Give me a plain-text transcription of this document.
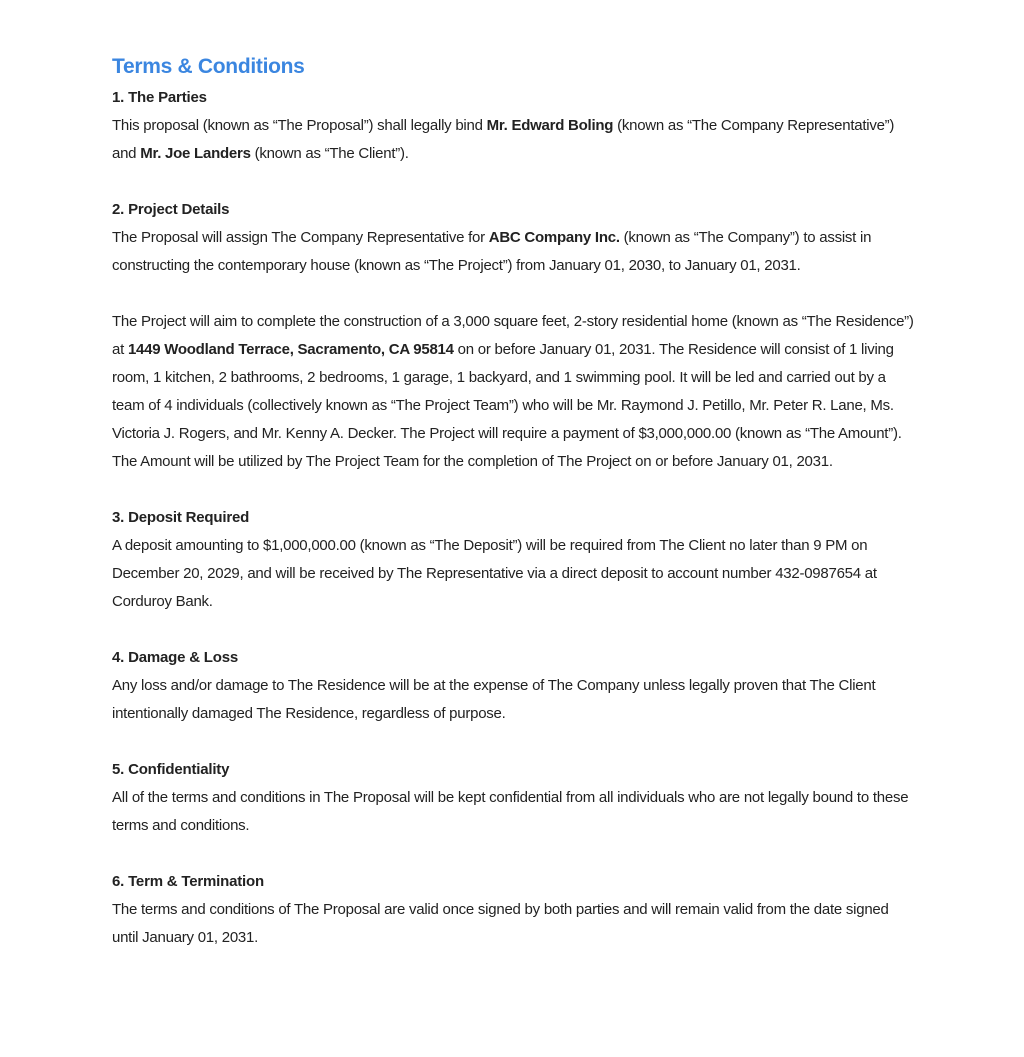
Terms & Conditions
1. The Parties

This proposal (known as “The Proposal”) shall legally bind Mr. Edward Boling (known as “The Company Representative”) and Mr. Joe Landers (known as “The Client”).

2. Project Details

The Proposal will assign The Company Representative for ABC Company Inc. (known as “The Company”) to assist in constructing the contemporary house (known as “The Project”) from January 01, 2030, to January 01, 2031.

The Project will aim to complete the construction of a 3,000 square feet, 2-story residential home (known as “The Residence”) at 1449 Woodland Terrace, Sacramento, CA 95814 on or before January 01, 2031. The Residence will consist of 1 living room, 1 kitchen, 2 bathrooms, 2 bedrooms, 1 garage, 1 backyard, and 1 swimming pool. It will be led and carried out by a team of 4 individuals (collectively known as “The Project Team”) who will be Mr. Raymond J. Petillo, Mr. Peter R. Lane, Ms. Victoria J. Rogers, and Mr. Kenny A. Decker. The Project will require a payment of $3,000,000.00 (known as “The Amount”). The Amount will be utilized by The Project Team for the completion of The Project on or before January 01, 2031.

3. Deposit Required

A deposit amounting to $1,000,000.00 (known as “The Deposit”) will be required from The Client no later than 9 PM on December 20, 2029, and will be received by The Representative via a direct deposit to account number 432-0987654 at Corduroy Bank.

4. Damage & Loss

Any loss and/or damage to The Residence will be at the expense of The Company unless legally proven that The Client intentionally damaged The Residence, regardless of purpose.

5. Confidentiality

All of the terms and conditions in The Proposal will be kept confidential from all individuals who are not legally bound to these terms and conditions.

6. Term & Termination

The terms and conditions of The Proposal are valid once signed by both parties and will remain valid from the date signed until January 01, 2031.
